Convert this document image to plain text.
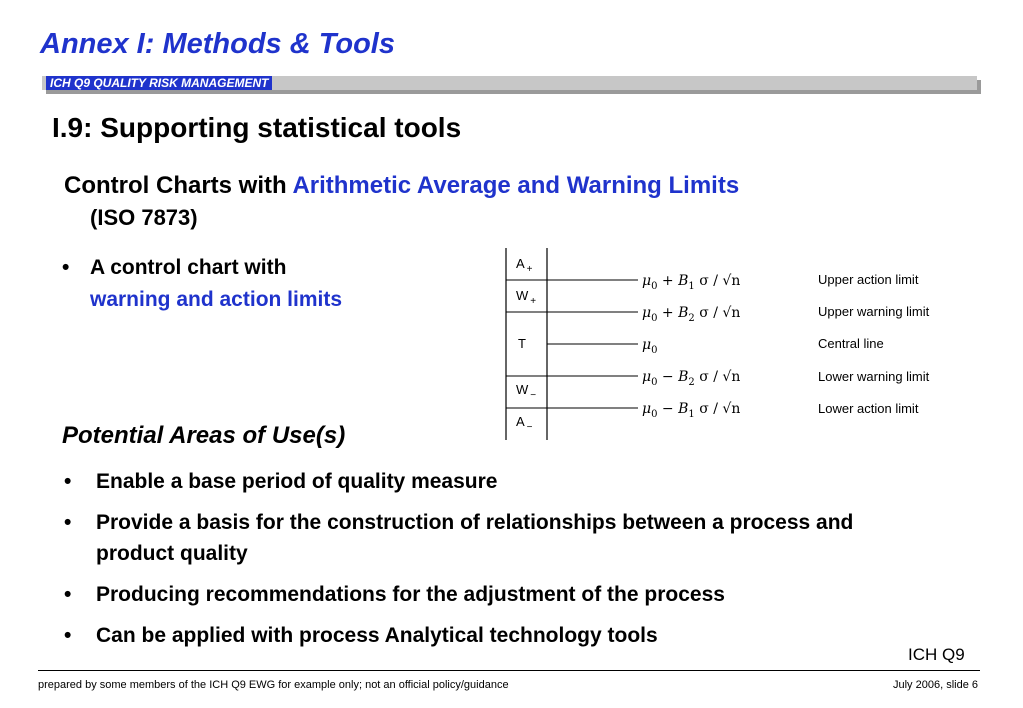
Annex I: Methods & Tools
ICH Q9 QUALITY RISK MANAGEMENT
I.9: Supporting statistical tools
Control Charts with Arithmetic Average and Warning Limits
(ISO 7873)
• A control chart with
warning and action limits
A $_+$
W $_+$
T
W $_-$
A $_-$
$\mu_0 + B_1$ σ / √n
$\mu_0 + B_2$ σ / √n
$\mu_0$
$\mu_0 - B_2$ σ / √n
$\mu_0 - B_1$ σ / √n
Upper action limit
Upper warning limit
Central line
Lower warning limit
Lower action limit
Potential Areas of Use(s)
• Enable a base period of quality measure
• Provide a basis for the construction of relationships between a process and product quality
• Producing recommendations for the adjustment of the process
• Can be applied with process Analytical technology tools
ICH Q9
prepared by some members of the ICH Q9 EWG for example only; not an official policy/guidance	July 2006, slide 6
